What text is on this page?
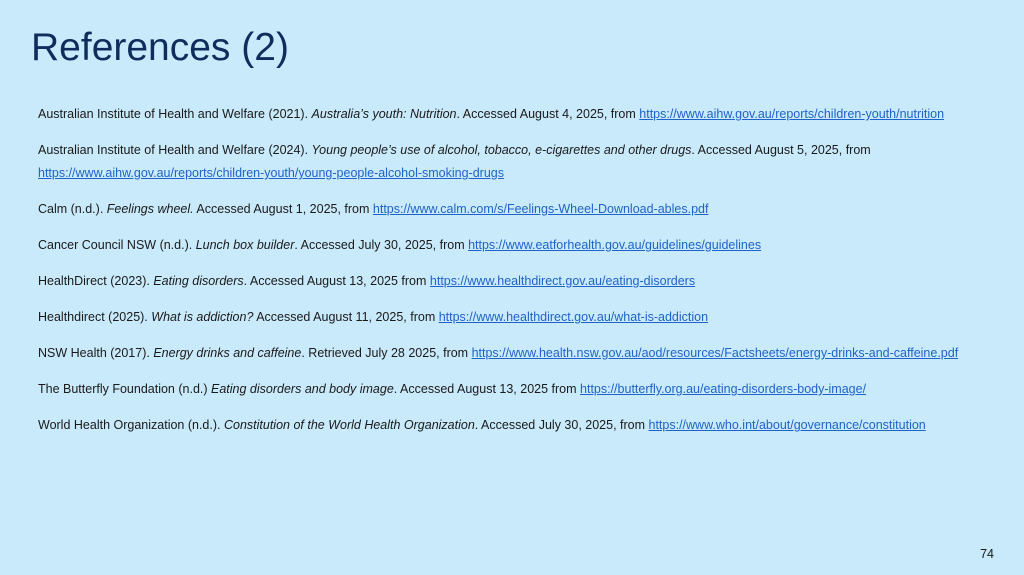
References (2)
Australian Institute of Health and Welfare (2021). Australia’s youth: Nutrition. Accessed August 4, 2025, from https://www.aihw.gov.au/reports/children-youth/nutrition
Australian Institute of Health and Welfare (2024). Young people’s use of alcohol, tobacco, e-cigarettes and other drugs. Accessed August 5, 2025, from https://www.aihw.gov.au/reports/children-youth/young-people-alcohol-smoking-drugs
Calm (n.d.). Feelings wheel. Accessed August 1, 2025, from https://www.calm.com/s/Feelings-Wheel-Download-ables.pdf
Cancer Council NSW (n.d.). Lunch box builder. Accessed July 30, 2025, from https://www.eatforhealth.gov.au/guidelines/guidelines
HealthDirect (2023). Eating disorders. Accessed August 13, 2025 from https://www.healthdirect.gov.au/eating-disorders
Healthdirect (2025). What is addiction? Accessed August 11, 2025, from https://www.healthdirect.gov.au/what-is-addiction
NSW Health (2017). Energy drinks and caffeine. Retrieved July 28 2025, from https://www.health.nsw.gov.au/aod/resources/Factsheets/energy-drinks-and-caffeine.pdf
The Butterfly Foundation (n.d.) Eating disorders and body image. Accessed August 13, 2025 from https://butterfly.org.au/eating-disorders-body-image/
World Health Organization (n.d.). Constitution of the World Health Organization. Accessed July 30, 2025, from https://www.who.int/about/governance/constitution
74
